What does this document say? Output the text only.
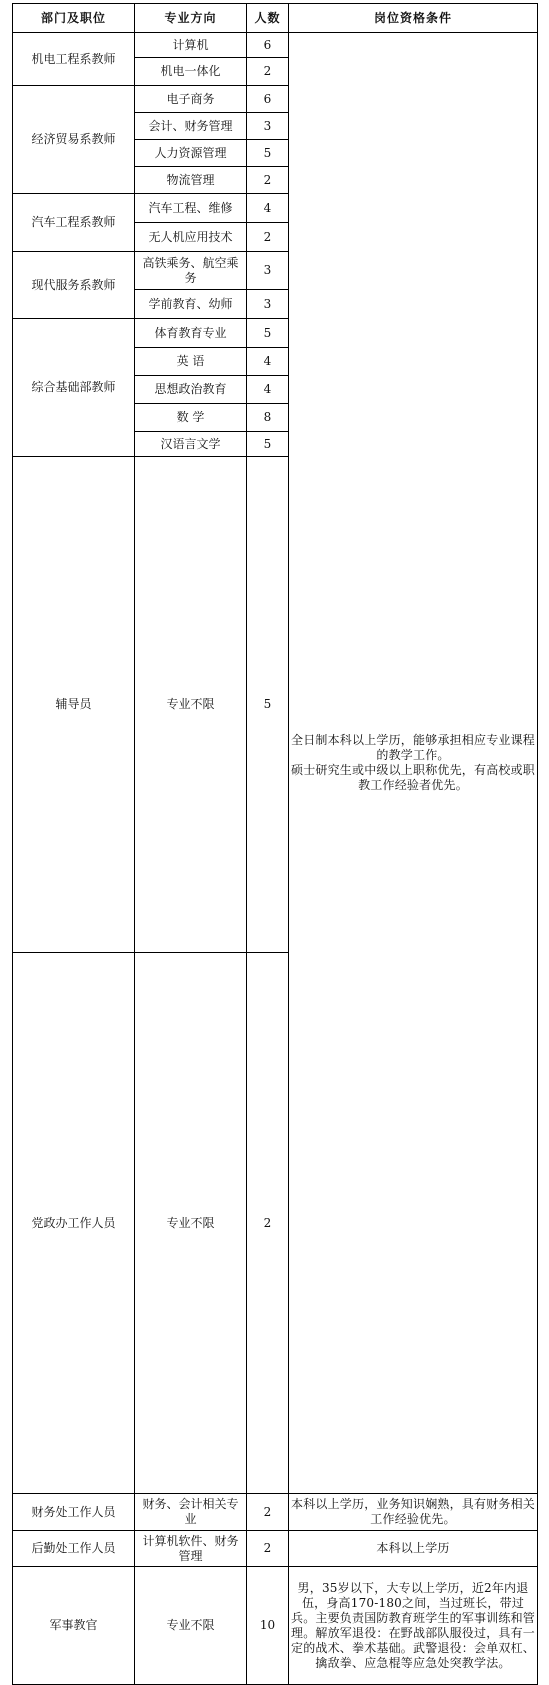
部门及职位	专业方向	人数	岗位资格条件	
机电工程系教师	计算机	6	全日制本科以上学历，能够承担相应专业课程的教学工作。
硕士研究生或中级以上职称优先，有高校或职教工作经验者优先。	

	机电一体化	2		
经济贸易系教师	电子商务	6		
	会计、财务管理	3		
	人力资源管理	5		
	物流管理	2		
汽车工程系教师	汽车工程、维修	4		
	无人机应用技术	2		
现代服务系教师	高铁乘务、航空乘务	3		
	学前教育、幼师	3		
综合基础部教师	体育教育专业	5		
	英 语	4		
	思想政治教育	4		
	数 学	8		
	汉语言文学	5		
辅导员	专业不限	5	
党政办工作人员	专业不限	2	
财务处工作人员	财务、会计相关专业	2	本科以上学历，业务知识娴熟，具有财务相关工作经验优先。	
后勤处工作人员	计算机软件、财务管理	2	本科以上学历	
军事教官	专业不限	10	男，35岁以下，大专以上学历，近2年内退伍，身高170-180之间，当过班长，带过兵。主要负责国防教育班学生的军事训练和管理。解放军退役：在野战部队服役过，具有一定的战术、拳术基础。武警退役：会单双杠、擒敌拳、应急棍等应急处突教学法。	
